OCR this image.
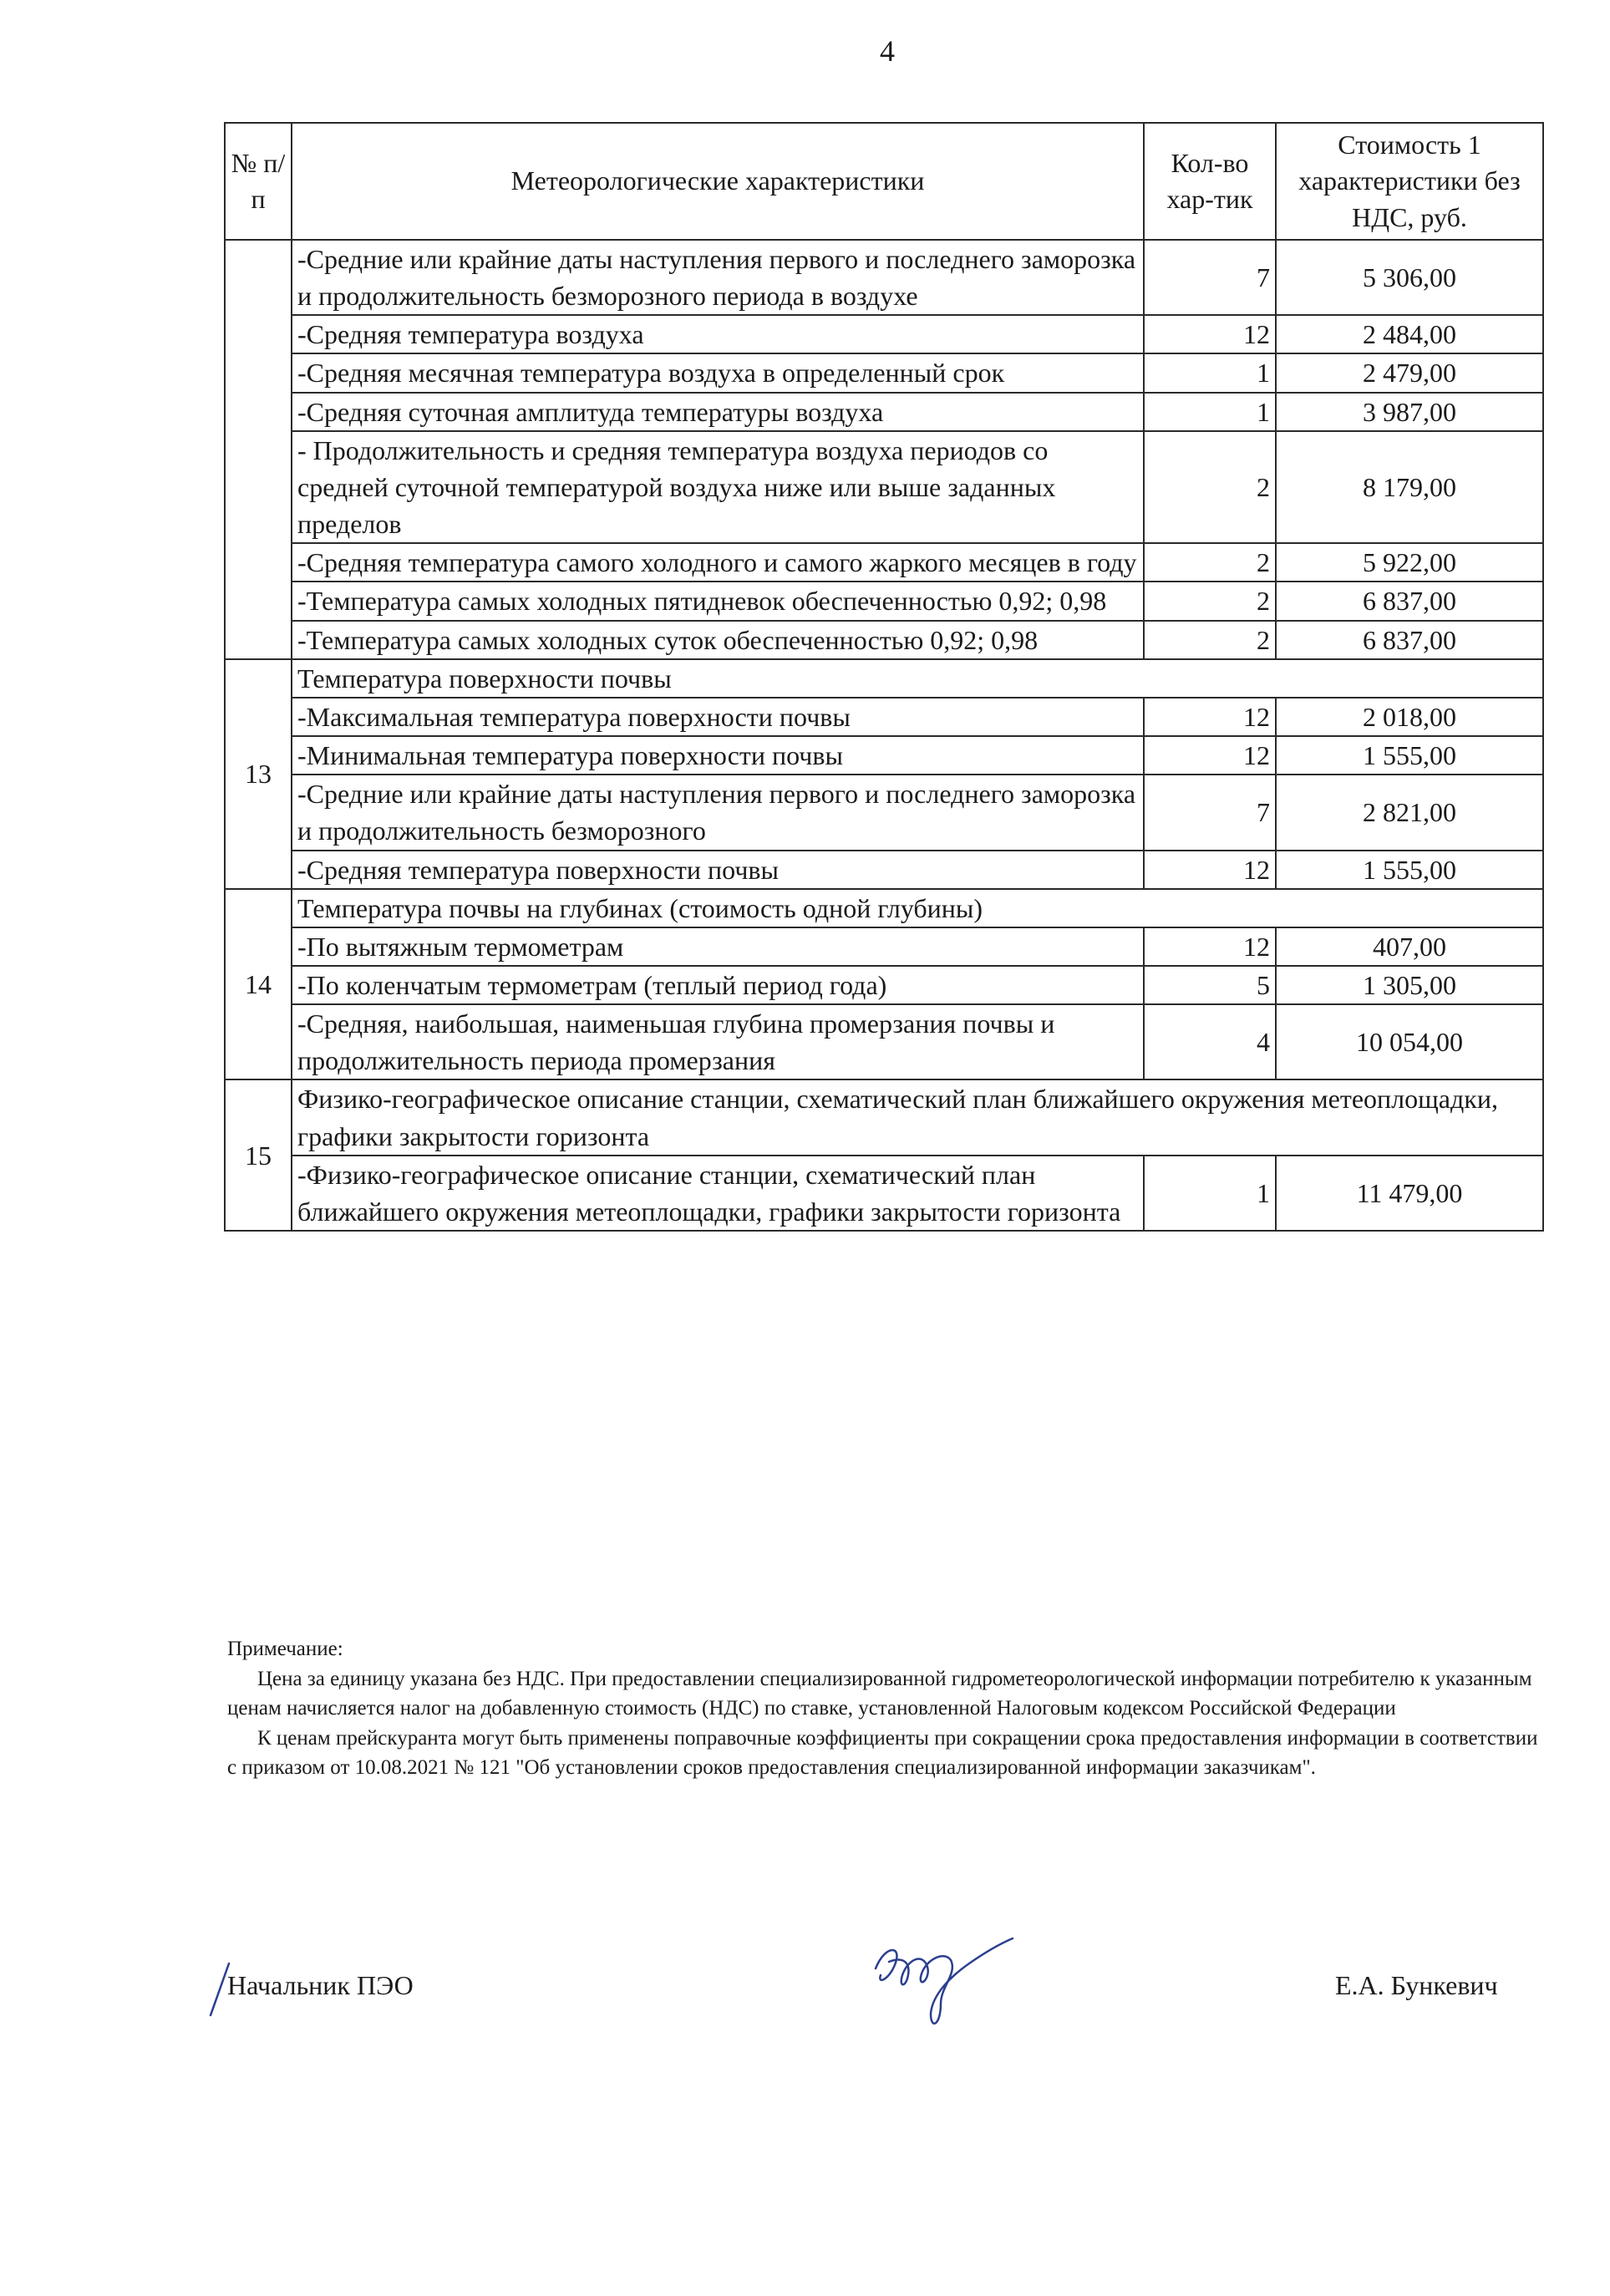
4
№ п/п	Метеорологические характеристики	Кол-во хар-тик	Стоимость 1 характеристики без НДС, руб.
	-Средние или крайние даты наступления первого и последнего заморозка и продолжительность безморозного периода в воздухе	7	5 306,00
	-Средняя температура воздуха	12	2 484,00
	-Средняя месячная температура воздуха в определенный срок	1	2 479,00
	-Средняя суточная амплитуда температуры воздуха	1	3 987,00
	- Продолжительность и средняя температура воздуха периодов со средней суточной температурой воздуха ниже или выше заданных пределов	2	8 179,00
	-Средняя температура самого холодного и самого жаркого месяцев в году	2	5 922,00
	-Температура самых холодных пятидневок обеспеченностью 0,92; 0,98	2	6 837,00
	-Температура самых холодных суток обеспеченностью 0,92; 0,98	2	6 837,00
13	Температура поверхности почвы		
	-Максимальная температура поверхности почвы	12	2 018,00
	-Минимальная температура поверхности почвы	12	1 555,00
	-Средние или крайние даты наступления первого и последнего заморозка и продолжительность безморозного	7	2 821,00
	-Средняя температура поверхности почвы	12	1 555,00
14	Температура почвы на глубинах (стоимость одной глубины)		
	-По вытяжным термометрам	12	407,00
	-По коленчатым термометрам (теплый период года)	5	1 305,00
	-Средняя, наибольшая, наименьшая глубина промерзания почвы и продолжительность периода промерзания	4	10 054,00
15	Физико-географическое описание станции, схематический план ближайшего окружения метеоплощадки, графики закрытости горизонта		
	-Физико-географическое описание станции, схематический план ближайшего окружения метеоплощадки, графики закрытости горизонта	1	11 479,00

Примечание:

Цена за единицу указана без НДС. При предоставлении специализированной гидрометеорологической информации потребителю к указанным ценам начисляется налог на добавленную стоимость (НДС) по ставке, установленной Налоговым кодексом Российской Федерации

К ценам прейскуранта могут быть применены поправочные коэффициенты при сокращении срока предоставления информации в соответствии с приказом от 10.08.2021 № 121 "Об установлении сроков предоставления специализированной информации заказчикам".

Начальник ПЭО	Е.А. Бункевич
